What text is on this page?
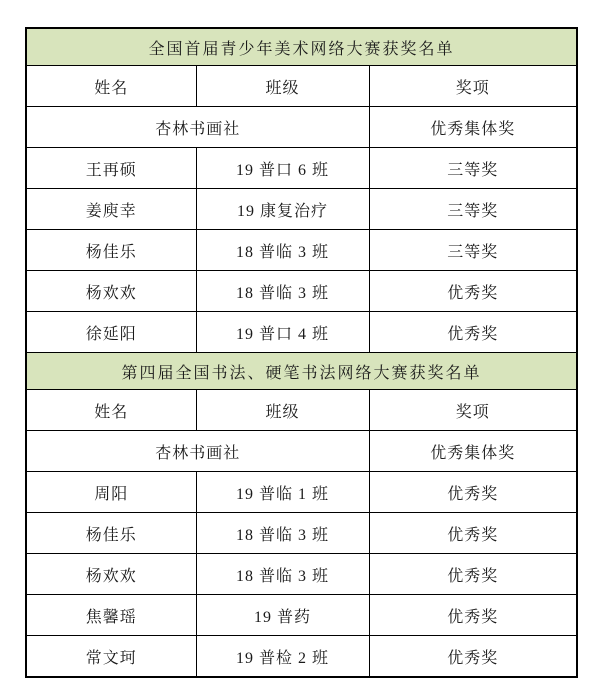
全国首届青少年美术网络大赛获奖名单		
姓名	班级	奖项
杏林书画社		优秀集体奖
王再硕	19 普口 6 班	三等奖
姜庾幸	19 康复治疗	三等奖
杨佳乐	18 普临 3 班	三等奖
杨欢欢	18 普临 3 班	优秀奖
徐延阳	19 普口 4 班	优秀奖
第四届全国书法、硬笔书法网络大赛获奖名单		
姓名	班级	奖项
杏林书画社		优秀集体奖
周阳	19 普临 1 班	优秀奖
杨佳乐	18 普临 3 班	优秀奖
杨欢欢	18 普临 3 班	优秀奖
焦馨瑶	19 普药	优秀奖
常文珂	19 普检 2 班	优秀奖
